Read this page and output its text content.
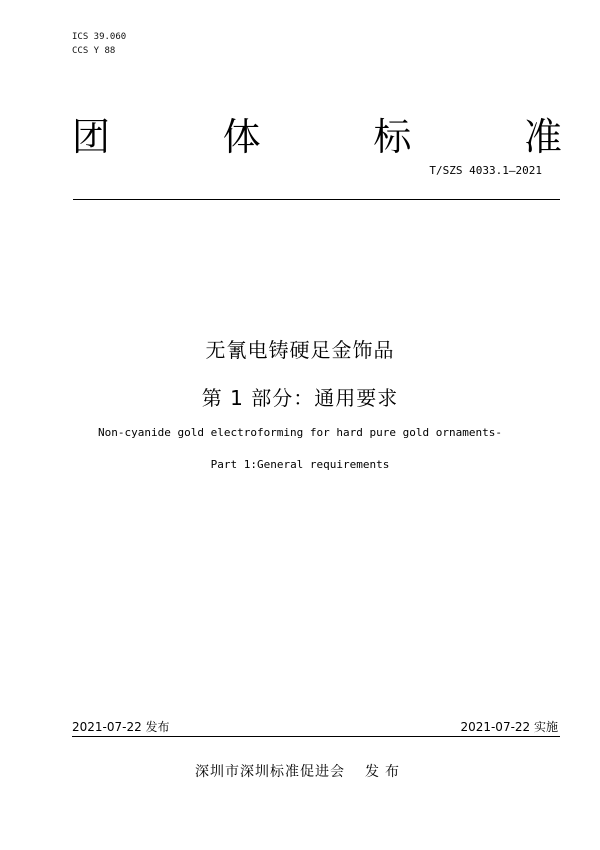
ICS 39.060
CCS Y 88
团	体	标	准
T/SZS 4033.1—2021
无氰电铸硬足金饰品
第 1 部分：通用要求
Non-cyanide gold electroforming for hard pure gold ornaments-
Part 1:General requirements
2021-07-22 发布	2021-07-22 实施
深圳市深圳标准促进会 发布
